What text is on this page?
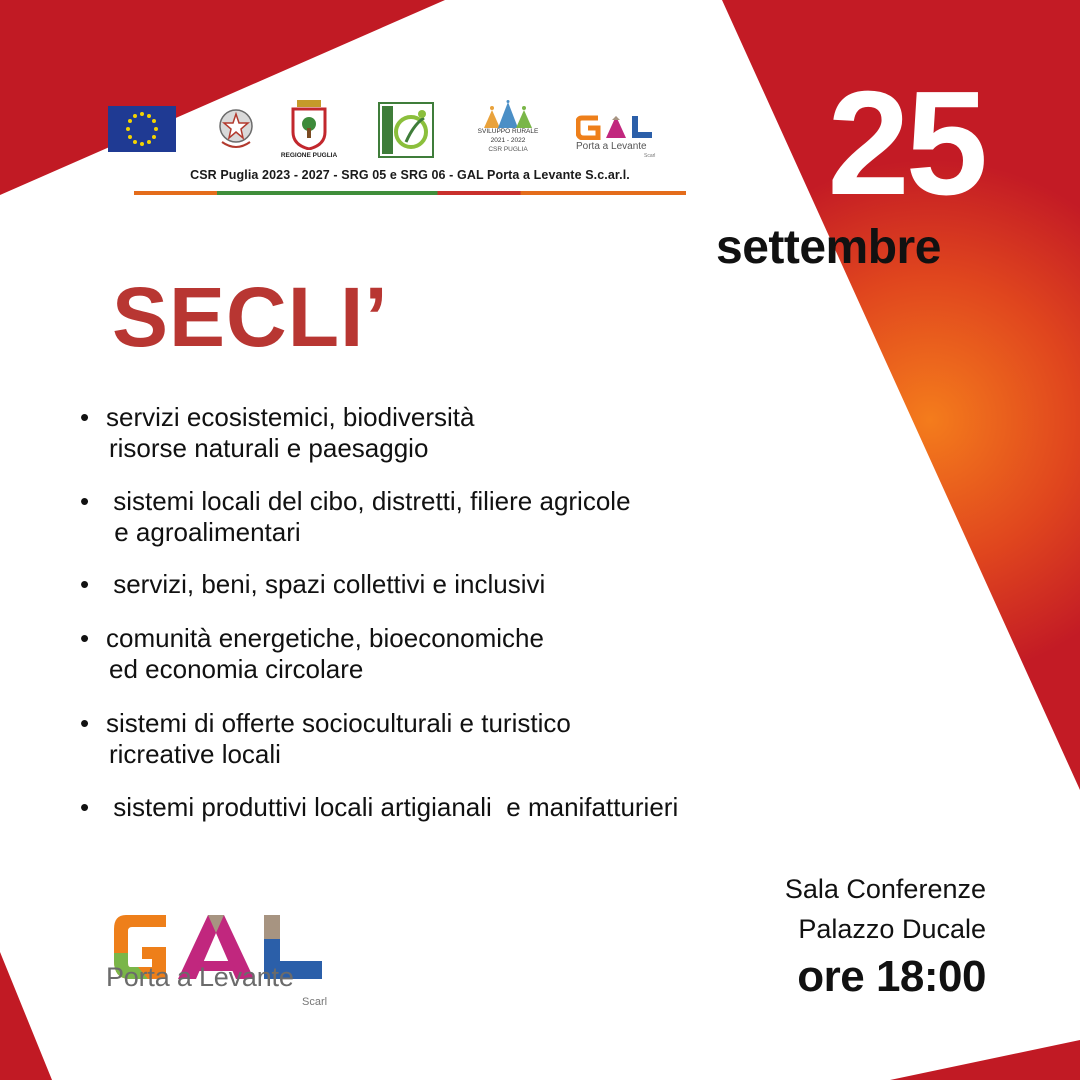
REGIONE PUGLIA
SVILUPPO RURALE
2021 - 2022
CSR PUGLIA	Porta a Levante
Scarl
CSR Puglia 2023 - 2027 - SRG 05 e SRG 06 - GAL Porta a Levante S.c.ar.l.	25
settembre
SECLI’
• servizi ecosistemici, biodiversità
risorse naturali e paesaggio
• sistemi locali del cibo, distretti, filiere agricole
e agroalimentari
• servizi, beni, spazi collettivi e inclusivi
• comunità energetiche, bioeconomiche
ed economia circolare
• sistemi di offerte socioculturali e turistico
ricreative locali
• sistemi produttivi locali artigianali  e manifatturieri
Porta a Levante
Scarl
Sala Conferenze
Palazzo Ducale
ore 18:00
